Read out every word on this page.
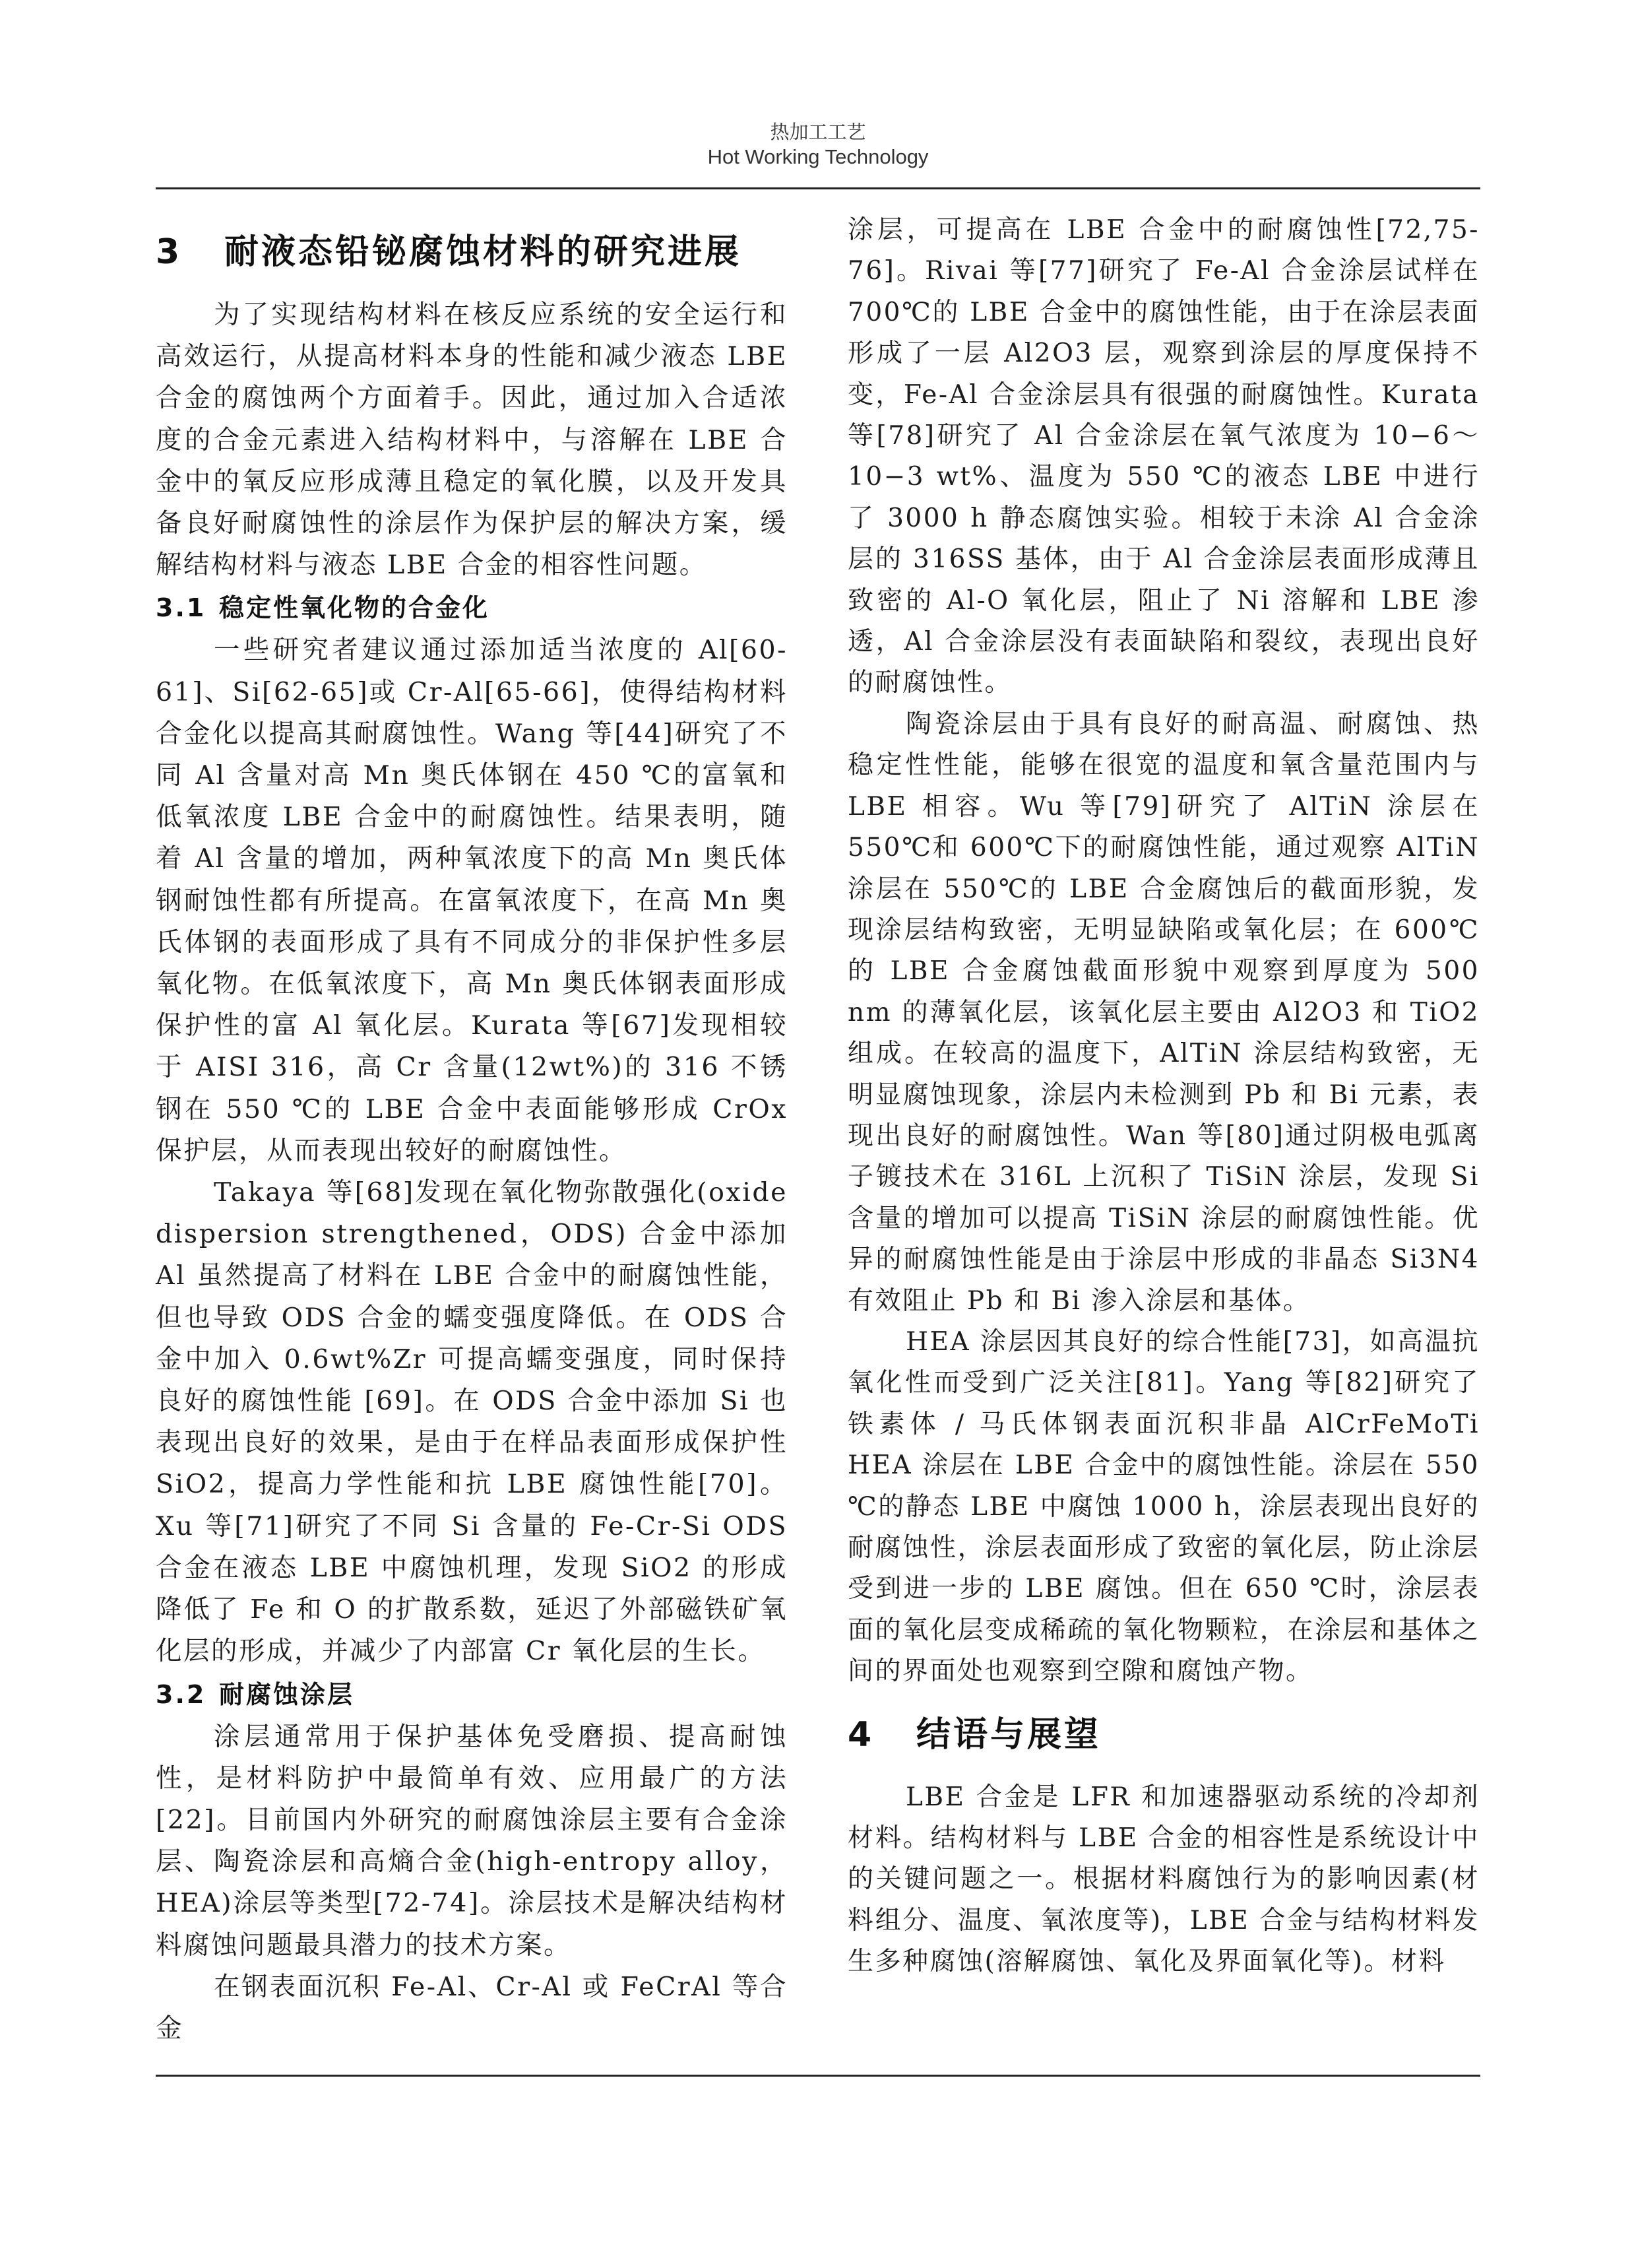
热加工工艺
Hot Working Technology
3 耐液态铅铋腐蚀材料的研究进展

为了实现结构材料在核反应系统的安全运行和高效运行，从提高材料本身的性能和减少液态 LBE 合金的腐蚀两个方面着手。因此，通过加入合适浓度的合金元素进入结构材料中，与溶解在 LBE 合金中的氧反应形成薄且稳定的氧化膜，以及开发具备良好耐腐蚀性的涂层作为保护层的解决方案，缓解结构材料与液态 LBE 合金的相容性问题。

3.1 稳定性氧化物的合金化

一些研究者建议通过添加适当浓度的 Al[60-61]、Si[62-65]或 Cr-Al[65-66]，使得结构材料合金化以提高其耐腐蚀性。Wang 等[44]研究了不同 Al 含量对高 Mn 奥氏体钢在 450 ℃的富氧和低氧浓度 LBE 合金中的耐腐蚀性。结果表明，随着 Al 含量的增加，两种氧浓度下的高 Mn 奥氏体钢耐蚀性都有所提高。在富氧浓度下，在高 Mn 奥氏体钢的表面形成了具有不同成分的非保护性多层氧化物。在低氧浓度下，高 Mn 奥氏体钢表面形成保护性的富 Al 氧化层。Kurata 等[67]发现相较于 AISI 316，高 Cr 含量(12wt%)的 316 不锈钢在 550 ℃的 LBE 合金中表面能够形成 CrOx 保护层，从而表现出较好的耐腐蚀性。

Takaya 等[68]发现在氧化物弥散强化(oxide dispersion strengthened，ODS) 合金中添加 Al 虽然提高了材料在 LBE 合金中的耐腐蚀性能，但也导致 ODS 合金的蠕变强度降低。在 ODS 合金中加入 0.6wt%Zr 可提高蠕变强度，同时保持良好的腐蚀性能 [69]。在 ODS 合金中添加 Si 也表现出良好的效果，是由于在样品表面形成保护性 SiO2，提高力学性能和抗 LBE 腐蚀性能[70]。Xu 等[71]研究了不同 Si 含量的 Fe-Cr-Si ODS 合金在液态 LBE 中腐蚀机理，发现 SiO2 的形成降低了 Fe 和 O 的扩散系数，延迟了外部磁铁矿氧化层的形成，并减少了内部富 Cr 氧化层的生长。

3.2 耐腐蚀涂层

涂层通常用于保护基体免受磨损、提高耐蚀性，是材料防护中最简单有效、应用最广的方法[22]。目前国内外研究的耐腐蚀涂层主要有合金涂层、陶瓷涂层和高熵合金(high-entropy alloy，HEA)涂层等类型[72-74]。涂层技术是解决结构材料腐蚀问题最具潜力的技术方案。

在钢表面沉积 Fe-Al、Cr-Al 或 FeCrAl 等合金

涂层，可提高在 LBE 合金中的耐腐蚀性[72,75-76]。Rivai 等[77]研究了 Fe-Al 合金涂层试样在 700℃的 LBE 合金中的腐蚀性能，由于在涂层表面形成了一层 Al2O3 层，观察到涂层的厚度保持不变，Fe-Al 合金涂层具有很强的耐腐蚀性。Kurata 等[78]研究了 Al 合金涂层在氧气浓度为 10−6～10−3 wt%、温度为 550 ℃的液态 LBE 中进行了 3000 h 静态腐蚀实验。相较于未涂 Al 合金涂层的 316SS 基体，由于 Al 合金涂层表面形成薄且致密的 Al-O 氧化层，阻止了 Ni 溶解和 LBE 渗透，Al 合金涂层没有表面缺陷和裂纹，表现出良好的耐腐蚀性。

陶瓷涂层由于具有良好的耐高温、耐腐蚀、热稳定性性能，能够在很宽的温度和氧含量范围内与 LBE 相容。Wu 等[79]研究了 AlTiN 涂层在 550℃和 600℃下的耐腐蚀性能，通过观察 AlTiN 涂层在 550℃的 LBE 合金腐蚀后的截面形貌，发现涂层结构致密，无明显缺陷或氧化层；在 600℃的 LBE 合金腐蚀截面形貌中观察到厚度为 500 nm 的薄氧化层，该氧化层主要由 Al2O3 和 TiO2 组成。在较高的温度下，AlTiN 涂层结构致密，无明显腐蚀现象，涂层内未检测到 Pb 和 Bi 元素，表现出良好的耐腐蚀性。Wan 等[80]通过阴极电弧离子镀技术在 316L 上沉积了 TiSiN 涂层，发现 Si 含量的增加可以提高 TiSiN 涂层的耐腐蚀性能。优异的耐腐蚀性能是由于涂层中形成的非晶态 Si3N4 有效阻止 Pb 和 Bi 渗入涂层和基体。

HEA 涂层因其良好的综合性能[73]，如高温抗氧化性而受到广泛关注[81]。Yang 等[82]研究了铁素体 / 马氏体钢表面沉积非晶 AlCrFeMoTi HEA 涂层在 LBE 合金中的腐蚀性能。涂层在 550 ℃的静态 LBE 中腐蚀 1000 h，涂层表现出良好的耐腐蚀性，涂层表面形成了致密的氧化层，防止涂层受到进一步的 LBE 腐蚀。但在 650 ℃时，涂层表面的氧化层变成稀疏的氧化物颗粒，在涂层和基体之间的界面处也观察到空隙和腐蚀产物。

4 结语与展望

LBE 合金是 LFR 和加速器驱动系统的冷却剂材料。结构材料与 LBE 合金的相容性是系统设计中的关键问题之一。根据材料腐蚀行为的影响因素(材料组分、温度、氧浓度等)，LBE 合金与结构材料发生多种腐蚀(溶解腐蚀、氧化及界面氧化等)。材料
